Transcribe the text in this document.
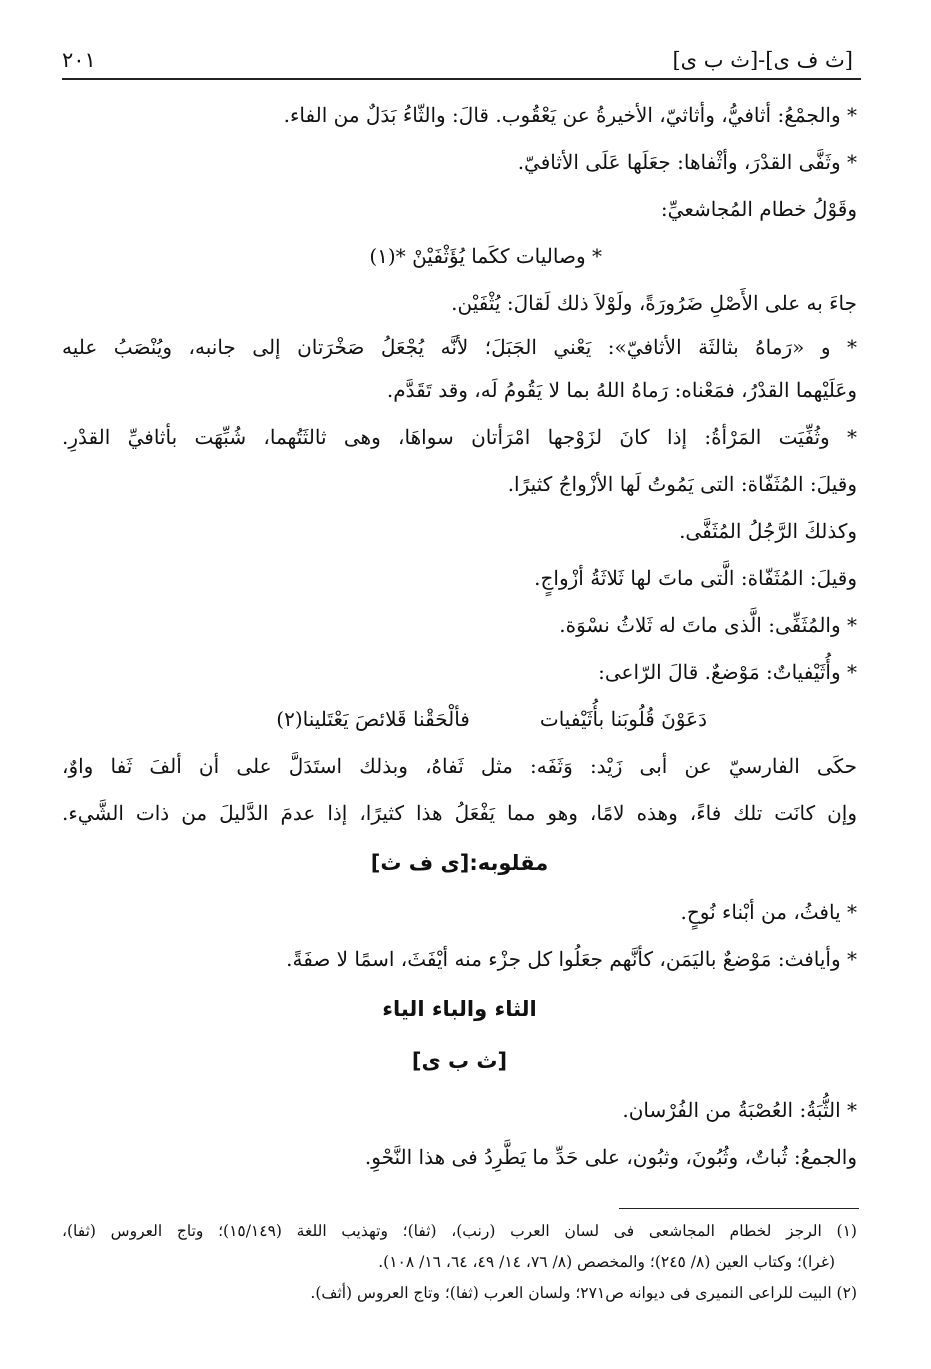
[ث ف ى]-[ث ب ى]
٢٠١
* والجمْعُ: أثافيُّ، وأثاثيّ، الأخيرةُ عن يَعْقُوب. قالَ: والثّاءُ بَدَلٌ من الفاء.
* وثَفَّى القدْرَ، وأثْفاها: جعَلَها عَلَى الأثافيّ.
وقَوْلُ خطام المُجاشعيِّ:
* وصاليات ككَما يُؤَثْفَيْنْ *(١)
جاءَ به على الأَصْلِ ضَرُورَةً، ولَوْلاَ ذلك لَقالَ: يُثْفَيْن.
* و «رَماهُ بثالثَة الأثافيّ»: يَعْني الجَبَلَ؛ لأنَّه يُجْعَلُ صَخْرَتان إلى جانبه، ويُنْصَبُ عليه
وعَلَيْهما القدْرُ، فمَعْناه: رَماهُ اللهُ بما لا يَقُومُ لَه، وقد تَقَدَّم.
* وثُفِّيَت المَرْأةُ: إذا كانَ لزَوْجها امْرَأتان سواهَا، وهى ثالثَتُهما، شُبِّهَت بأثافيِّ القدْرِ.
وقيلَ: المُثَفّاة: التى يَمُوتُ لَها الأزْواجُ كثيرًا.
وكذلكَ الرَّجُلُ المُثَفَّى.
وقيلَ: المُثَفّاة: الَّتى ماتَ لها ثَلاثَةُ أزْواجٍ.
* والمُثَفِّى: الَّذى ماتَ له ثَلاثُ نسْوَة.
* وأُثَيْفياتٌ: مَوْضعٌ. قالَ الرّاعى:
دَعَوْنَ قُلُوبَنا بأُثَيْفيات
فألْحَقْنا قَلائصَ يَعْتَلينا(٢)
حكَى الفارسيّ عن أبى زَيْد: وَثَفَه: مثل ثَفاهُ، وبذلك استَدَلَّ على أن ألفَ ثَفا واوٌ،
وإن كانَت تلك فاءً، وهذه لامًا، وهو مما يَفْعَلُ هذا كثيرًا، إذا عدمَ الدَّليلَ من ذات الشَّيء.
مقلوبه:[ى ف ث]
* يافثُ، من أبْناء نُوحٍ.
* وأيافث: مَوْضعٌ باليَمَن، كأنَّهم جعَلُوا كل جزْء منه أيْفَثَ، اسمًا لا صفَةً.
الثاء والباء الياء
[ث ب ى]
* الثُّبَةُ: العُصْبَةُ من الفُرْسان.
والجمعُ: ثُباتٌ، وثُبُونَ، وثبُون، على حَدِّ ما يَطَّرِدُ فى هذا النَّحْوِ.
(١) الرجز لخطام المجاشعى فى لسان العرب (رنب)، (ثفا)؛ وتهذيب اللغة (١٥/١٤٩)؛ وتاج العروس (ثفا)،
(غرا)؛ وكتاب العين (٨/ ٢٤٥)؛ والمخصص (٨/ ٧٦، ١٤/ ٤٩، ٦٤، ١٦/ ١٠٨).
(٢) البيت للراعى النميرى فى ديوانه ص٢٧١؛ ولسان العرب (ثفا)؛ وتاج العروس (أثف).
